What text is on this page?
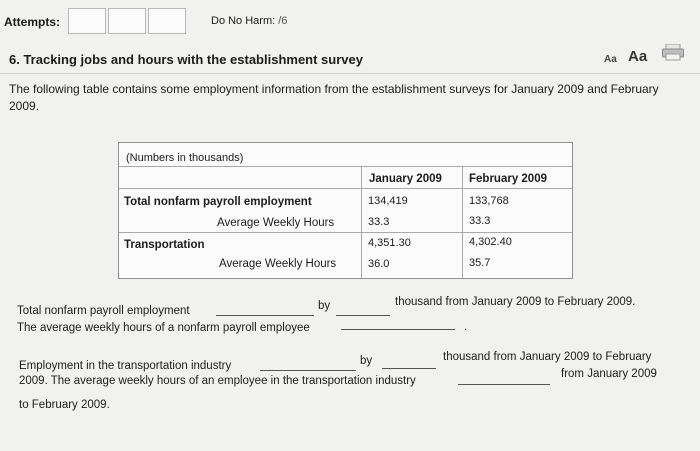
Attempts:	Do No Harm: /6
6. Tracking jobs and hours with the establishment survey	Aa Aa
The following table contains some employment information from the establishment surveys for January 2009 and February 2009.
(Numbers in thousands)
January 2009 February 2009
Total nonfarm payroll employment	134,419	133,768
Average Weekly Hours	33.3	33.3
Transportation	4,351.30	4,302.40
Average Weekly Hours	36.0	35.7
Total nonfarm payroll employment	by	thousand from January 2009 to February 2009.
The average weekly hours of a nonfarm payroll employee	.
Employment in the transportation industry	by	thousand from January 2009 to February
2009. The average weekly hours of an employee in the transportation industry
from January 2009
to February 2009.
